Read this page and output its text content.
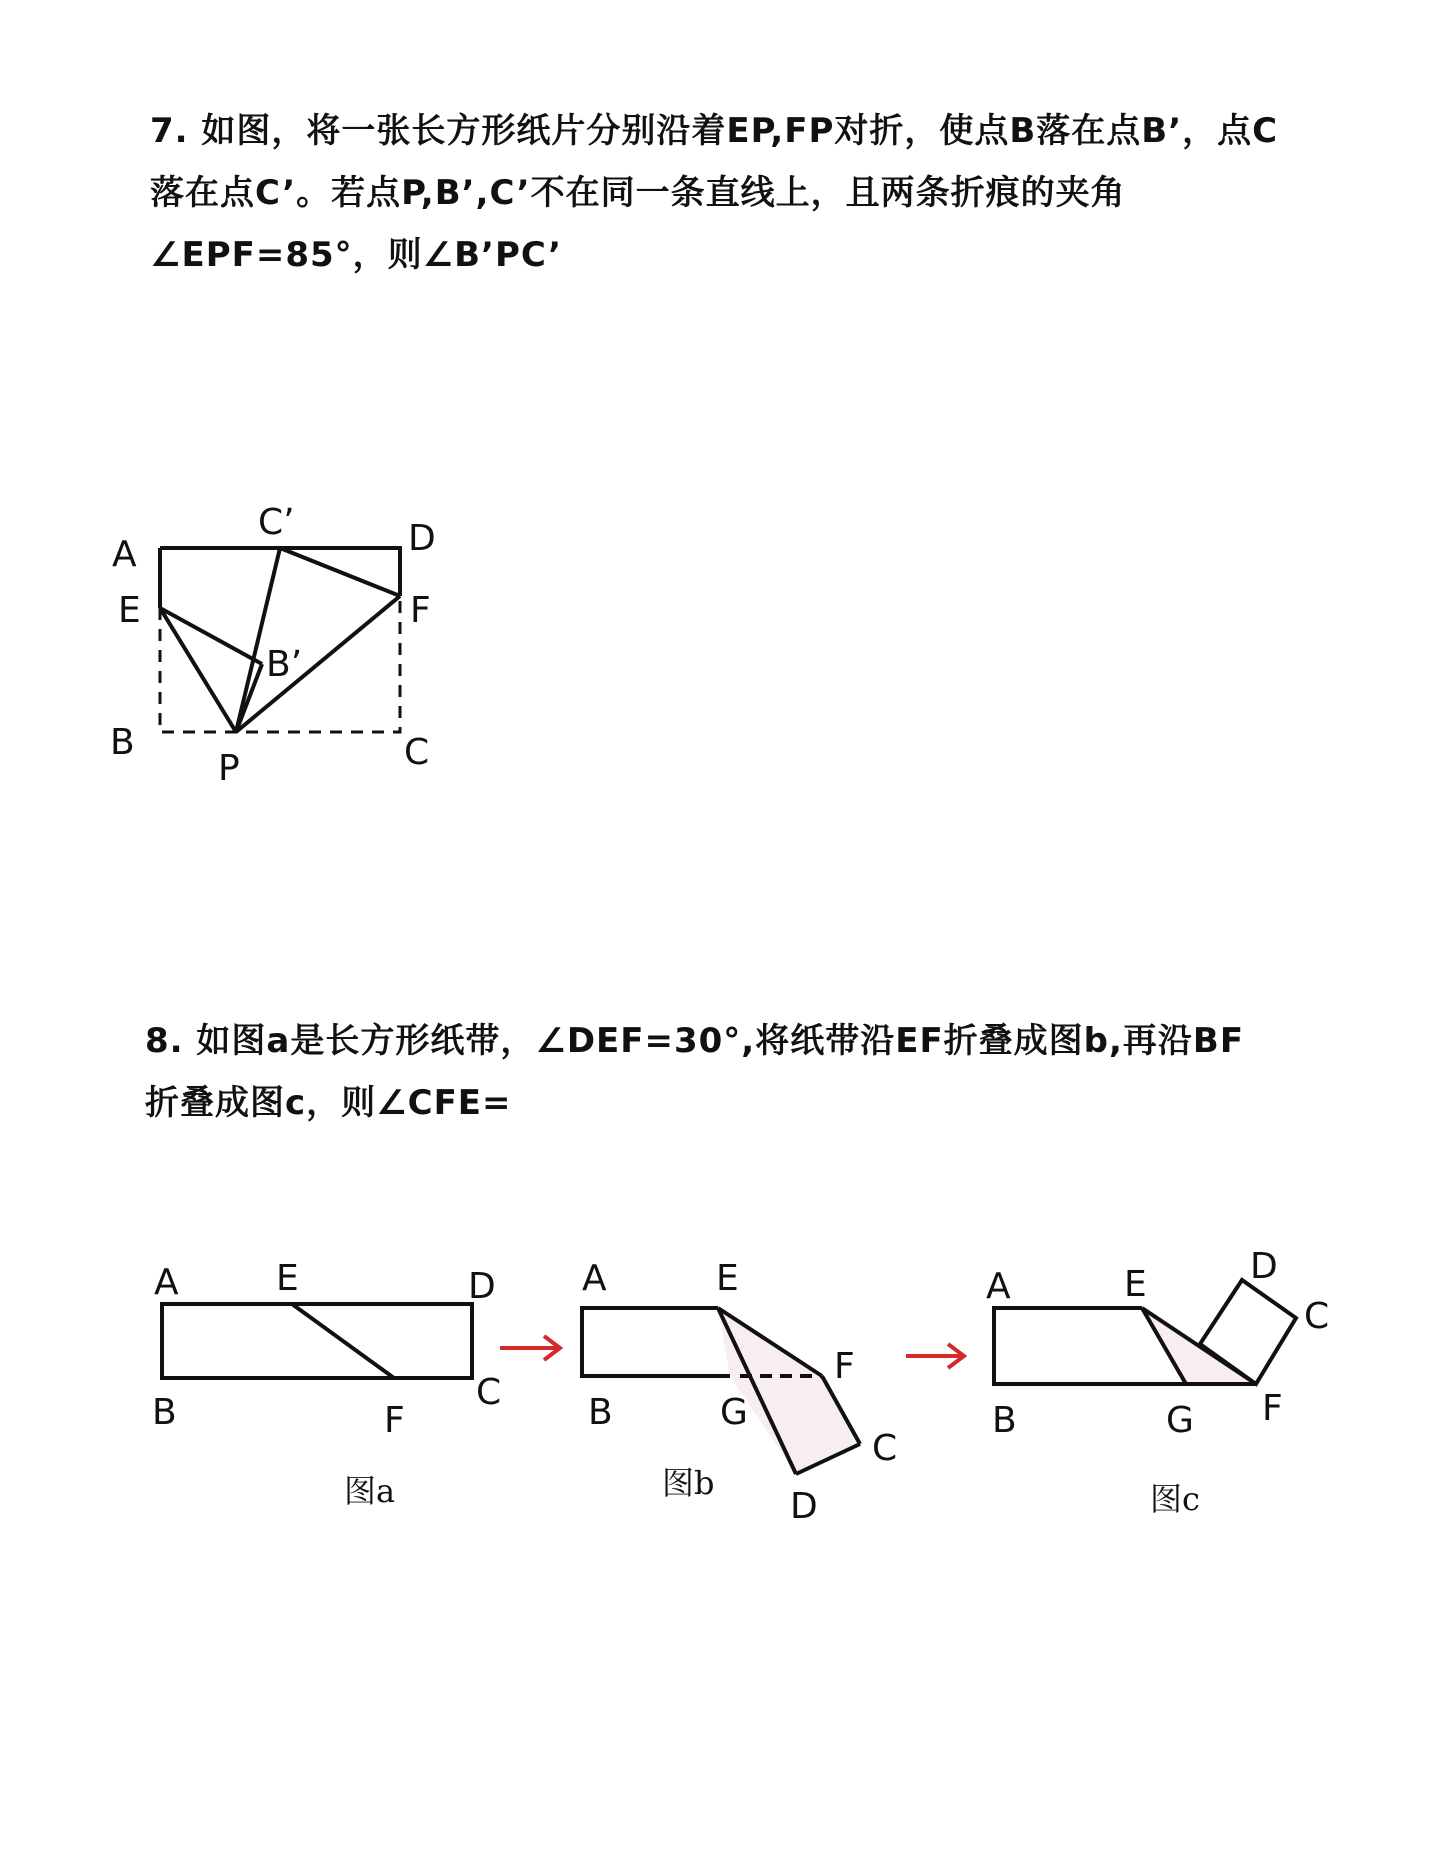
7. 如图，将一张长方形纸片分别沿着EP,FP对折，使点B落在点B’，点C落在点C’。若点P,B’,C’不在同一条直线上，且两条折痕的夹角∠EPF=85°，则∠B’PC’

A
C’	D
E	F
B’
B
P	C

8. 如图a是长方形纸带，∠DEF=30°,将纸带沿EF折叠成图b,再沿BF折叠成图c，则∠CFE=

A	E	D
B	F
C
图a
A	E
F
B	G
C
D
图b
A	E	D
C
B	G F
图c
